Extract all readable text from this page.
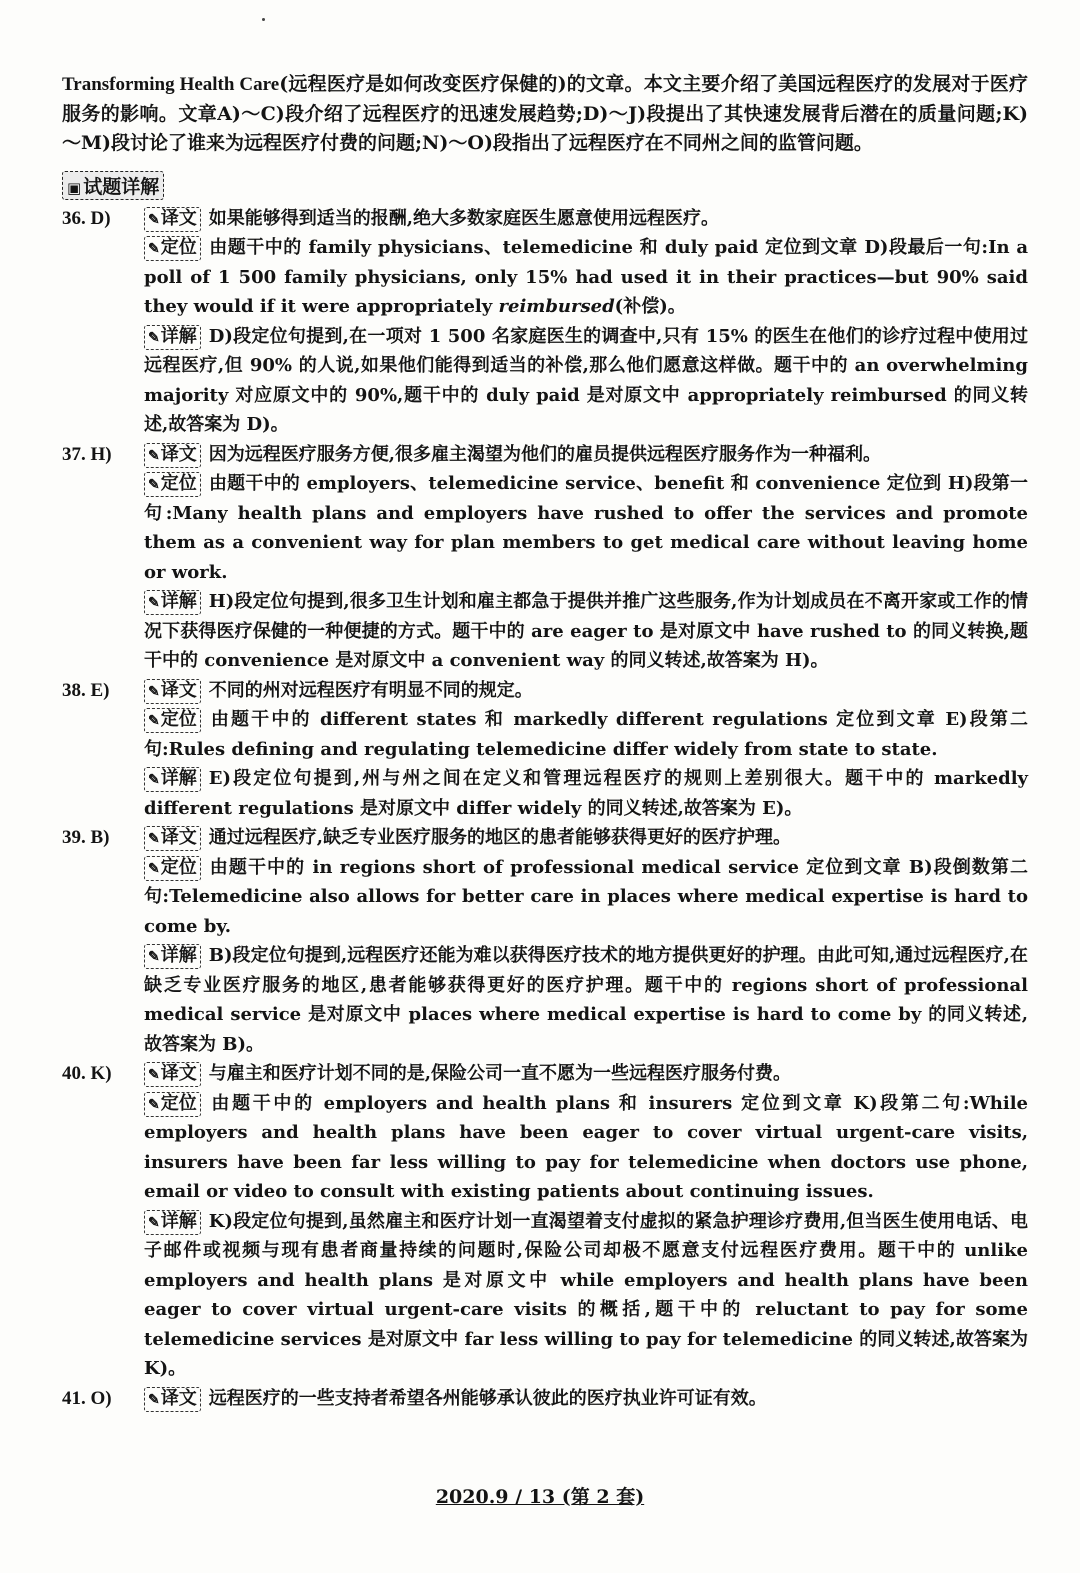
Transforming Health Care(远程医疗是如何改变医疗保健的)的文章。本文主要介绍了美国远程医疗的发展对于医疗服务的影响。文章A)～C)段介绍了远程医疗的迅速发展趋势;D)～J)段提出了其快速发展背后潜在的质量问题;K)～M)段讨论了谁来为远程医疗付费的问题;N)～O)段指出了远程医疗在不同州之间的监管问题。
▣ 试题详解
36. D)	✎译文 如果能够得到适当的报酬,绝大多数家庭医生愿意使用远程医疗。
✎定位 由题干中的 family physicians、telemedicine 和 duly paid 定位到文章 D)段最后一句:In a poll of 1 500 family physicians, only 15% had used it in their practices—but 90% said they would if it were appropriately reimbursed(补偿)。
✎详解 D)段定位句提到,在一项对 1 500 名家庭医生的调查中,只有 15% 的医生在他们的诊疗过程中使用过远程医疗,但 90% 的人说,如果他们能得到适当的补偿,那么他们愿意这样做。题干中的 an overwhelming majority 对应原文中的 90%,题干中的 duly paid 是对原文中 appropriately reimbursed 的同义转述,故答案为 D)。
37. H)	✎译文 因为远程医疗服务方便,很多雇主渴望为他们的雇员提供远程医疗服务作为一种福利。
✎定位 由题干中的 employers、telemedicine service、benefit 和 convenience 定位到 H)段第一句:Many health plans and employers have rushed to offer the services and promote them as a convenient way for plan members to get medical care without leaving home or work.
✎详解 H)段定位句提到,很多卫生计划和雇主都急于提供并推广这些服务,作为计划成员在不离开家或工作的情况下获得医疗保健的一种便捷的方式。题干中的 are eager to 是对原文中 have rushed to 的同义转换,题干中的 convenience 是对原文中 a convenient way 的同义转述,故答案为 H)。
38. E)	✎译文 不同的州对远程医疗有明显不同的规定。
✎定位 由题干中的 different states 和 markedly different regulations 定位到文章 E)段第二句:Rules defining and regulating telemedicine differ widely from state to state.
✎详解 E)段定位句提到,州与州之间在定义和管理远程医疗的规则上差别很大。题干中的 markedly different regulations 是对原文中 differ widely 的同义转述,故答案为 E)。
39. B)	✎译文 通过远程医疗,缺乏专业医疗服务的地区的患者能够获得更好的医疗护理。
✎定位 由题干中的 in regions short of professional medical service 定位到文章 B)段倒数第二句:Telemedicine also allows for better care in places where medical expertise is hard to come by.
✎详解 B)段定位句提到,远程医疗还能为难以获得医疗技术的地方提供更好的护理。由此可知,通过远程医疗,在缺乏专业医疗服务的地区,患者能够获得更好的医疗护理。题干中的 regions short of professional medical service 是对原文中 places where medical expertise is hard to come by 的同义转述,故答案为 B)。
40. K)	✎译文 与雇主和医疗计划不同的是,保险公司一直不愿为一些远程医疗服务付费。
✎定位 由题干中的 employers and health plans 和 insurers 定位到文章 K)段第二句:While employers and health plans have been eager to cover virtual urgent-care visits, insurers have been far less willing to pay for telemedicine when doctors use phone, email or video to consult with existing patients about continuing issues.
✎详解 K)段定位句提到,虽然雇主和医疗计划一直渴望着支付虚拟的紧急护理诊疗费用,但当医生使用电话、电子邮件或视频与现有患者商量持续的问题时,保险公司却极不愿意支付远程医疗费用。题干中的 unlike employers and health plans 是对原文中 while employers and health plans have been eager to cover virtual urgent-care visits 的概括,题干中的 reluctant to pay for some telemedicine services 是对原文中 far less willing to pay for telemedicine 的同义转述,故答案为 K)。
41. O)	✎译文 远程医疗的一些支持者希望各州能够承认彼此的医疗执业许可证有效。
2020.9 / 13 (第 2 套)
